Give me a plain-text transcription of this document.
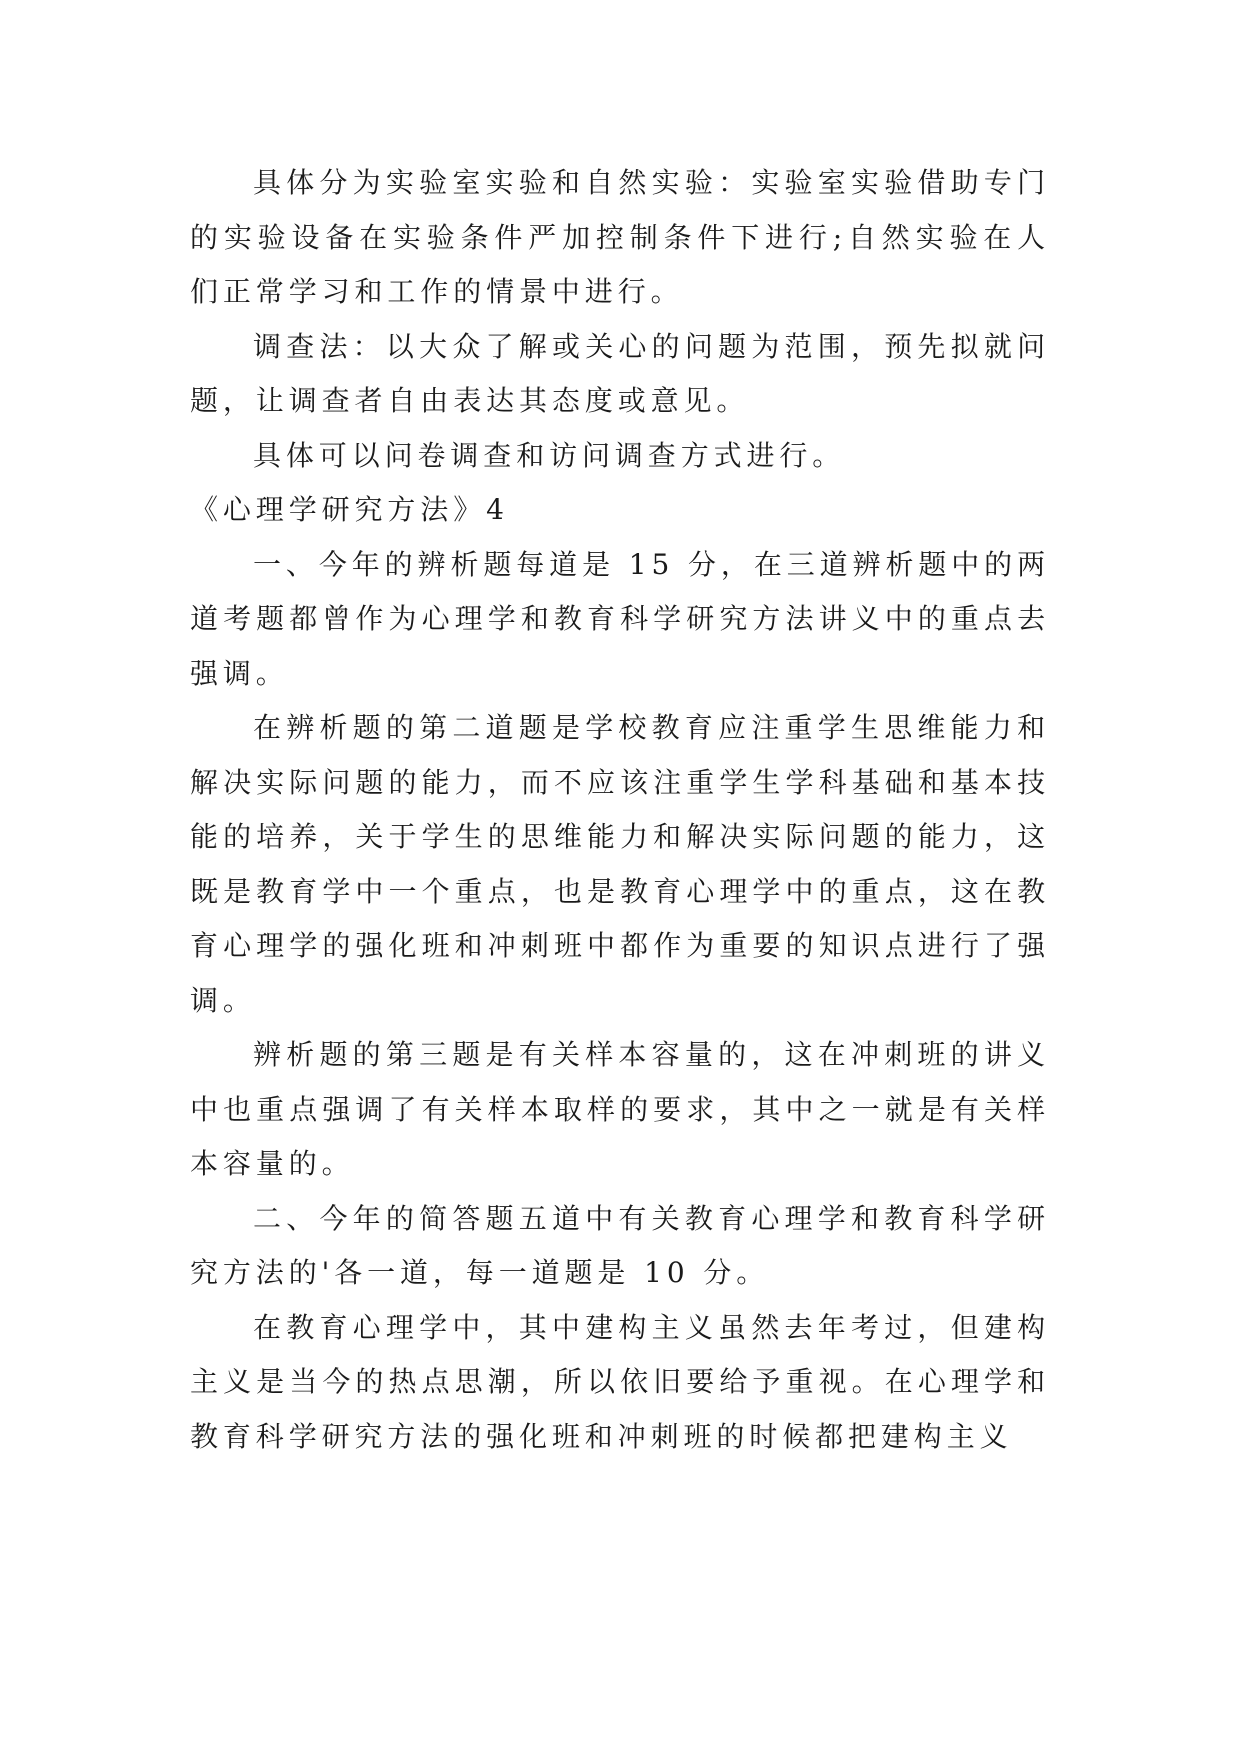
具体分为实验室实验和自然实验：实验室实验借助专门的实验设备在实验条件严加控制条件下进行;自然实验在人们正常学习和工作的情景中进行。

调查法：以大众了解或关心的问题为范围，预先拟就问题，让调查者自由表达其态度或意见。

具体可以问卷调查和访问调查方式进行。

《心理学研究方法》4

一、今年的辨析题每道是 15 分，在三道辨析题中的两道考题都曾作为心理学和教育科学研究方法讲义中的重点去强调。

在辨析题的第二道题是学校教育应注重学生思维能力和解决实际问题的能力，而不应该注重学生学科基础和基本技能的培养，关于学生的思维能力和解决实际问题的能力，这既是教育学中一个重点，也是教育心理学中的重点，这在教育心理学的强化班和冲刺班中都作为重要的知识点进行了强调。

辨析题的第三题是有关样本容量的，这在冲刺班的讲义中也重点强调了有关样本取样的要求，其中之一就是有关样本容量的。

二、今年的简答题五道中有关教育心理学和教育科学研究方法的'各一道，每一道题是 10 分。

在教育心理学中，其中建构主义虽然去年考过，但建构主义是当今的热点思潮，所以依旧要给予重视。在心理学和教育科学研究方法的强化班和冲刺班的时候都把建构主义
